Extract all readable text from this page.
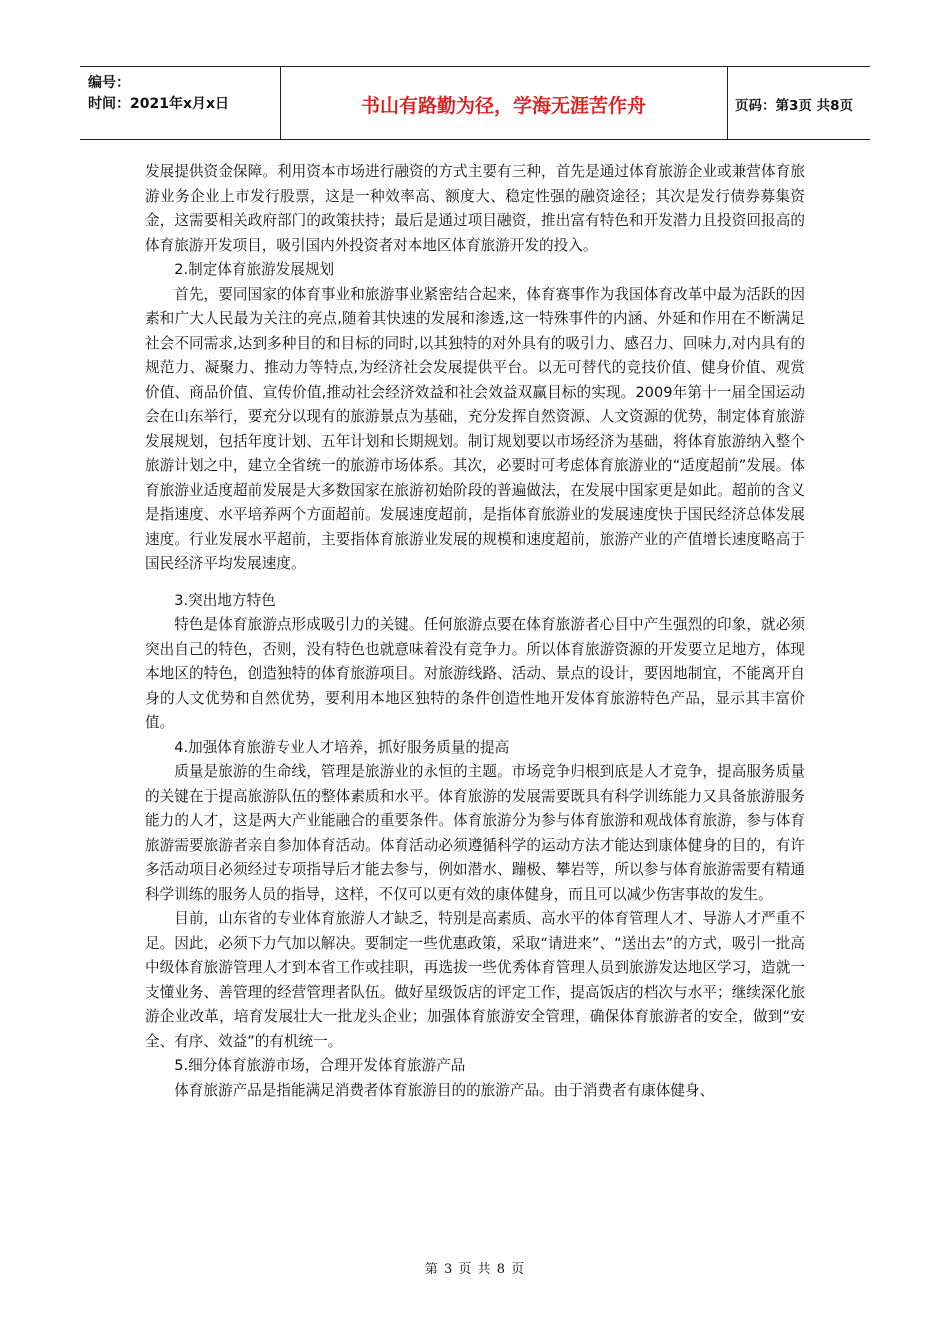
编号：
时间：2021年x月x日	书山有路勤为径，学海无涯苦作舟	页码：第3页 共8页

发展提供资金保障。利用资本市场进行融资的方式主要有三种，首先是通过体育旅游企业或兼营体育旅游业务企业上市发行股票，这是一种效率高、额度大、稳定性强的融资途径；其次是发行债券募集资金，这需要相关政府部门的政策扶持；最后是通过项目融资，推出富有特色和开发潜力且投资回报高的体育旅游开发项目，吸引国内外投资者对本地区体育旅游开发的投入。

2.制定体育旅游发展规划

首先，要同国家的体育事业和旅游事业紧密结合起来，体育赛事作为我国体育改革中最为活跃的因素和广大人民最为关注的亮点,随着其快速的发展和渗透,这一特殊事件的内涵、外延和作用在不断满足社会不同需求,达到多种目的和目标的同时,以其独特的对外具有的吸引力、感召力、回味力,对内具有的规范力、凝聚力、推动力等特点,为经济社会发展提供平台。以无可替代的竞技价值、健身价值、观赏价值、商品价值、宣传价值,推动社会经济效益和社会效益双赢目标的实现。2009年第十一届全国运动会在山东举行，要充分以现有的旅游景点为基础，充分发挥自然资源、人文资源的优势，制定体育旅游发展规划，包括年度计划、五年计划和长期规划。制订规划要以市场经济为基础，将体育旅游纳入整个旅游计划之中，建立全省统一的旅游市场体系。其次，必要时可考虑体育旅游业的“适度超前”发展。体育旅游业适度超前发展是大多数国家在旅游初始阶段的普遍做法，在发展中国家更是如此。超前的含义是指速度、水平培养两个方面超前。发展速度超前，是指体育旅游业的发展速度快于国民经济总体发展速度。行业发展水平超前，主要指体育旅游业发展的规模和速度超前，旅游产业的产值增长速度略高于国民经济平均发展速度。

3.突出地方特色

特色是体育旅游点形成吸引力的关键。任何旅游点要在体育旅游者心目中产生强烈的印象，就必须突出自己的特色，否则，没有特色也就意味着没有竞争力。所以体育旅游资源的开发要立足地方，体现本地区的特色，创造独特的体育旅游项目。对旅游线路、活动、景点的设计，要因地制宜，不能离开自身的人文优势和自然优势，要利用本地区独特的条件创造性地开发体育旅游特色产品，显示其丰富价值。

4.加强体育旅游专业人才培养，抓好服务质量的提高

质量是旅游的生命线，管理是旅游业的永恒的主题。市场竞争归根到底是人才竞争，提高服务质量的关键在于提高旅游队伍的整体素质和水平。体育旅游的发展需要既具有科学训练能力又具备旅游服务能力的人才，这是两大产业能融合的重要条件。体育旅游分为参与体育旅游和观战体育旅游，参与体育旅游需要旅游者亲自参加体育活动。体育活动必须遵循科学的运动方法才能达到康体健身的目的，有许多活动项目必须经过专项指导后才能去参与，例如潜水、蹦极、攀岩等，所以参与体育旅游需要有精通科学训练的服务人员的指导，这样，不仅可以更有效的康体健身，而且可以减少伤害事故的发生。

目前，山东省的专业体育旅游人才缺乏，特别是高素质、高水平的体育管理人才、导游人才严重不足。因此，必须下力气加以解决。要制定一些优惠政策，采取“请进来”、“送出去”的方式，吸引一批高中级体育旅游管理人才到本省工作或挂职，再选拔一些优秀体育管理人员到旅游发达地区学习，造就一支懂业务、善管理的经营管理者队伍。做好星级饭店的评定工作，提高饭店的档次与水平；继续深化旅游企业改革，培育发展壮大一批龙头企业；加强体育旅游安全管理，确保体育旅游者的安全，做到“安全、有序、效益”的有机统一。

5.细分体育旅游市场，合理开发体育旅游产品

体育旅游产品是指能满足消费者体育旅游目的的旅游产品。由于消费者有康体健身、

第 3 页 共 8 页
